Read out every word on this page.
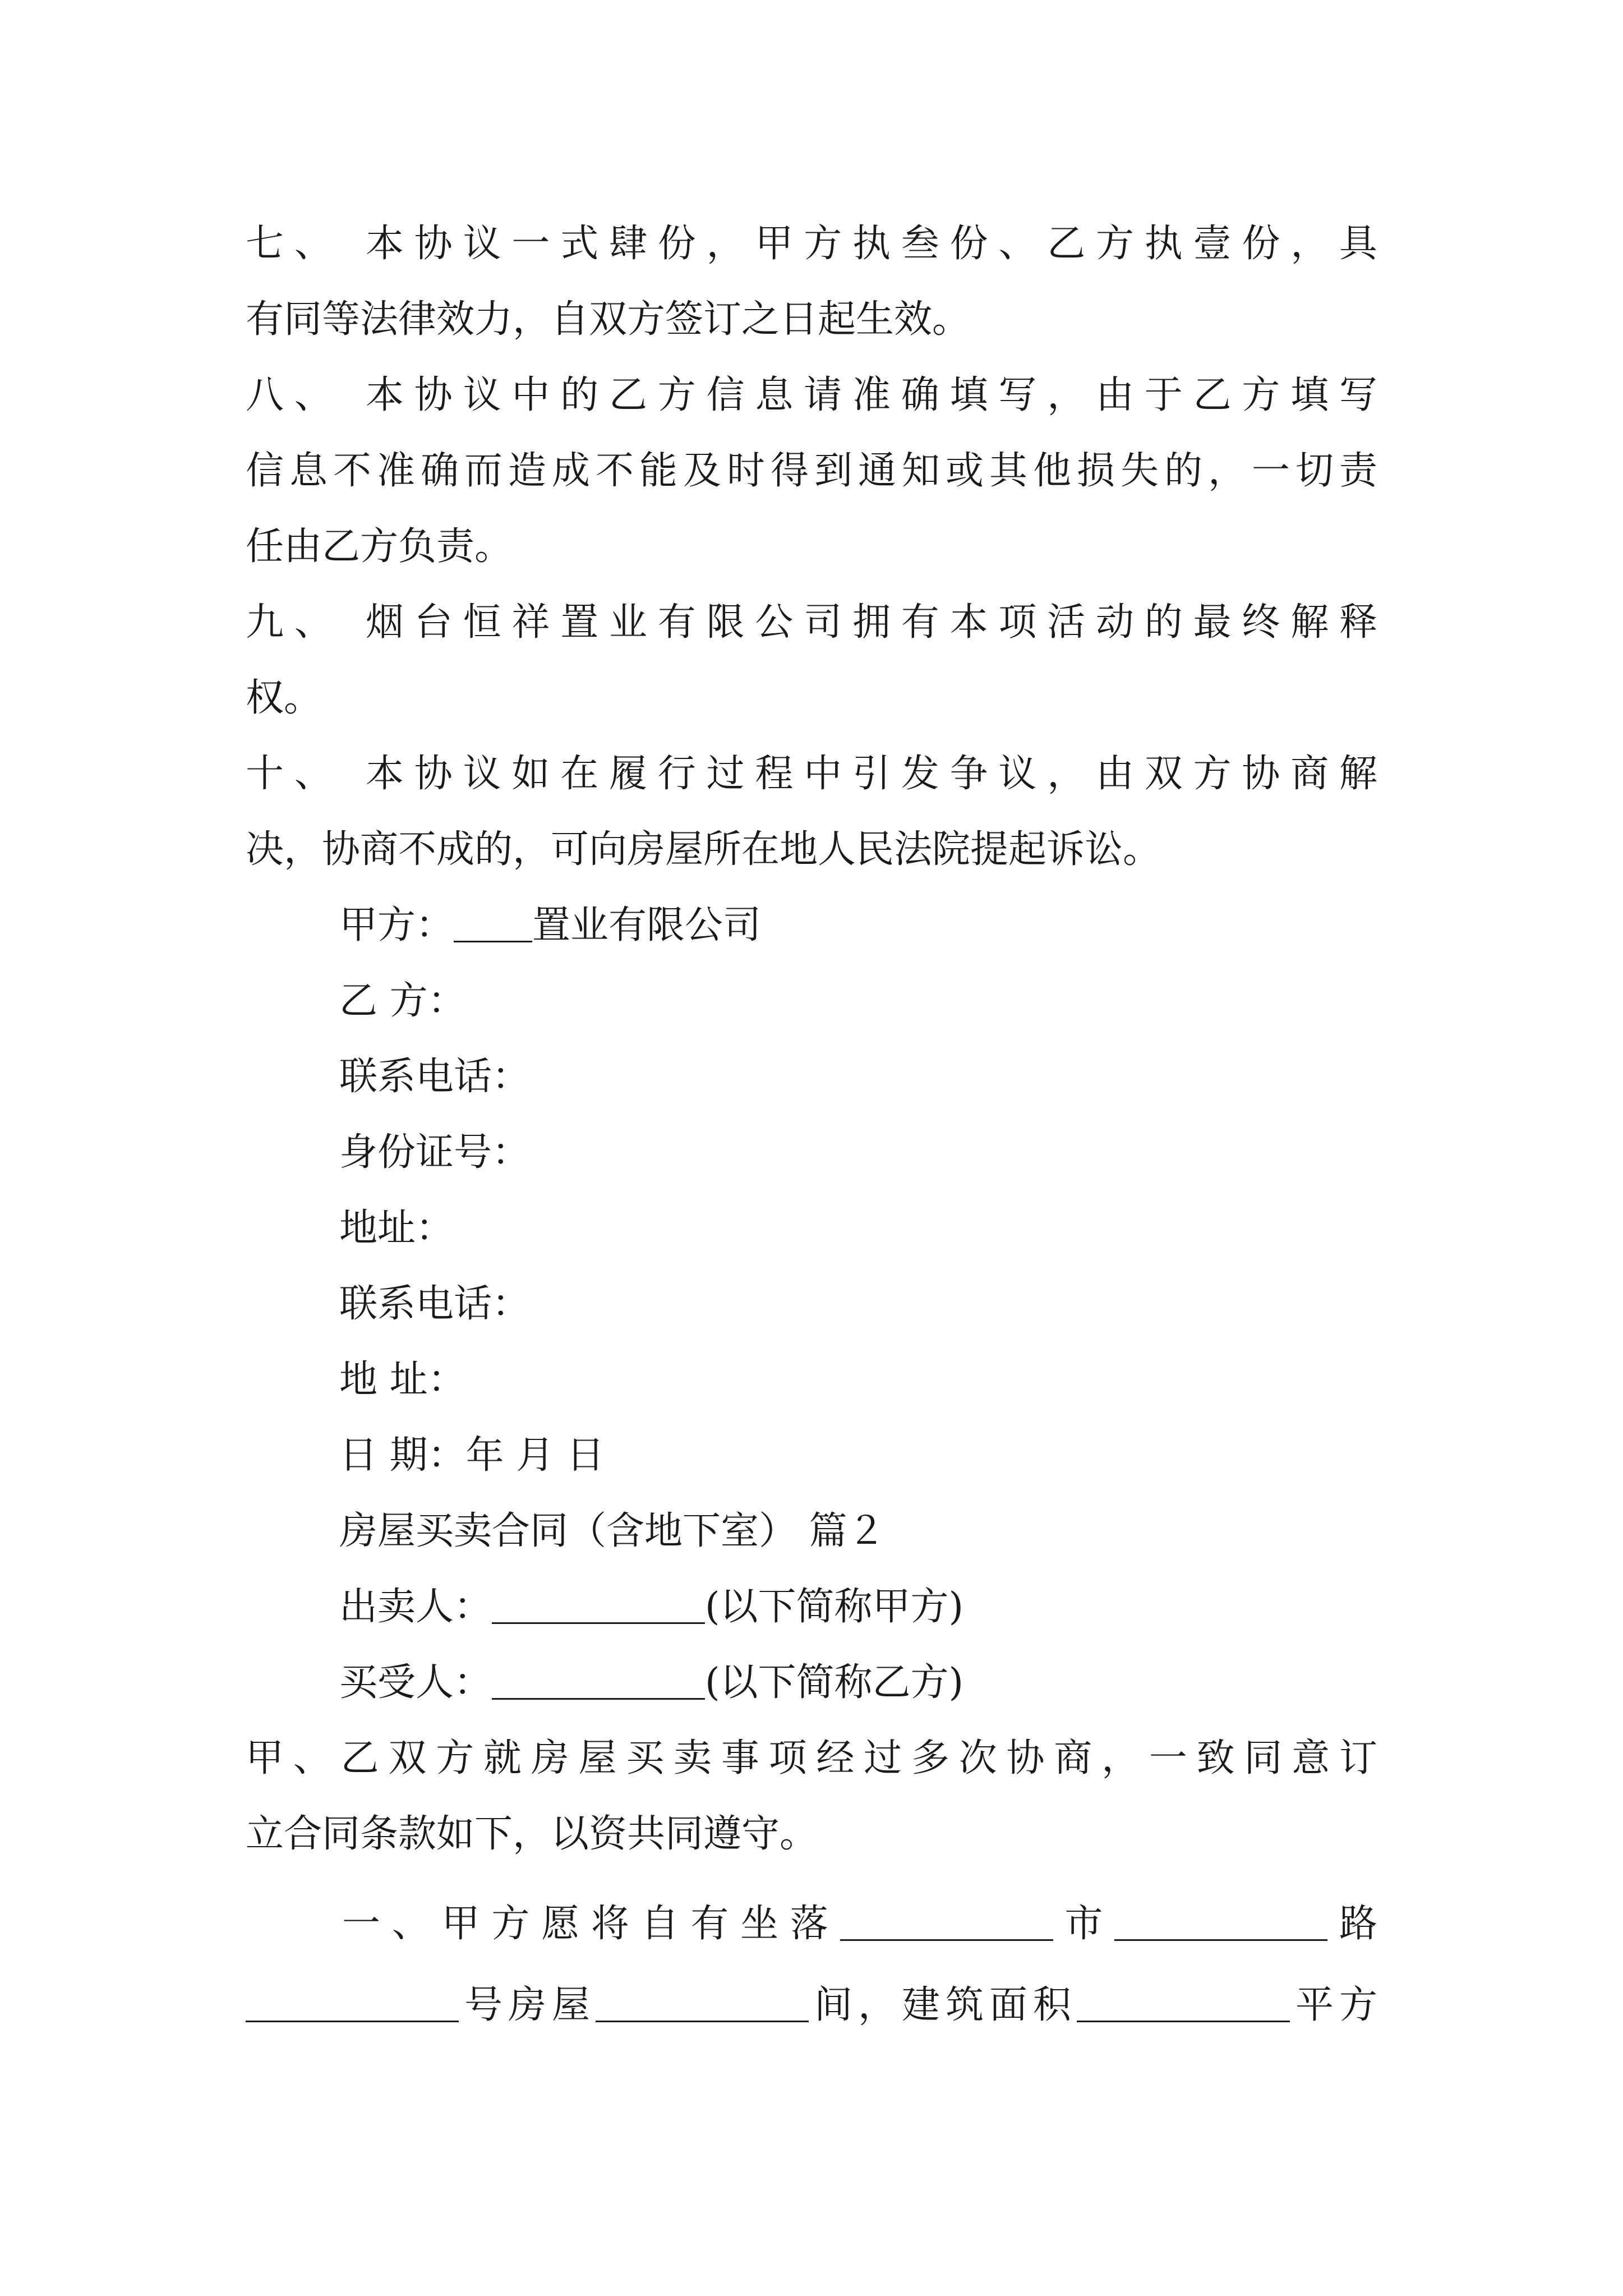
七、 本协议一式肆份，甲方执叁份、乙方执壹份，具
有同等法律效力，自双方签订之日起生效。
八、 本协议中的乙方信息请准确填写，由于乙方填写
信息不准确而造成不能及时得到通知或其他损失的，一切责
任由乙方负责。
九、 烟台恒祥置业有限公司拥有本项活动的最终解释
权。
十、 本协议如在履行过程中引发争议，由双方协商解
决，协商不成的，可向房屋所在地人民法院提起诉讼。
甲方： 置业有限公司
乙 方：
联系电话：
身份证号：
地址：
联系电话：
地 址：
日 期：年 月 日
房屋买卖合同（含地下室） 篇２
出卖人：	(以下简称甲方)
买受人：	(以下简称乙方)
甲、乙双方就房屋买卖事项经过多次协商，一致同意订
立合同条款如下，以资共同遵守。
一、甲方愿将自有坐落	市	路
号房屋	间，建筑面积	平方
